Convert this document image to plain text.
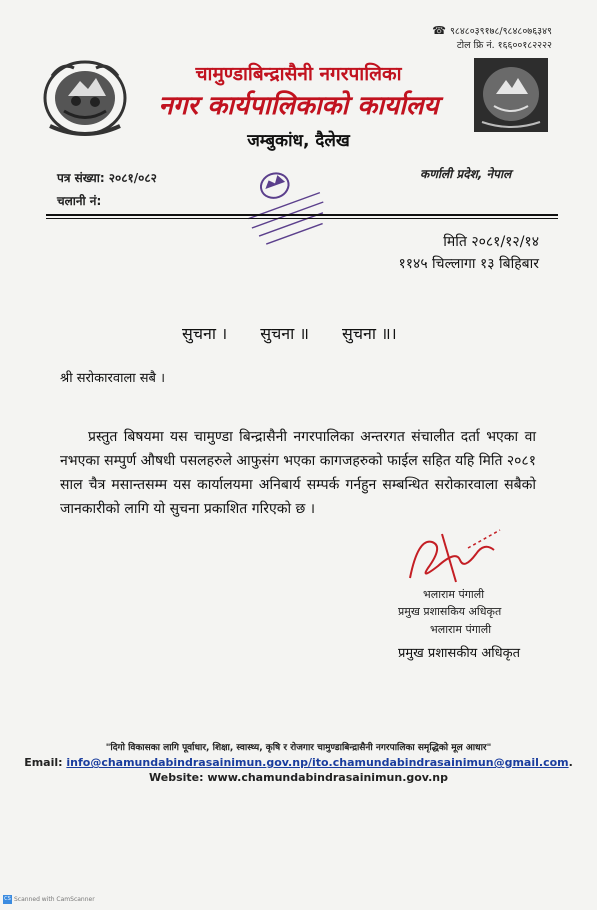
☎ ९८४८०३९१७८/९८४८०७६३४९
टोल फ्रि नं. १६६००१८२२२२
चामुण्डाबिन्द्रासैनी नगरपालिका
नगर कार्यपालिकाको कार्यालय
जम्बुकांध, दैलेख
पत्र संख्या: २०८१/०८२
चलानी नं:
कर्णाली प्रदेश, नेपाल
मिति २०८१/१२/१४
११४५ चिल्लागा १३ बिहिबार
सुचना । सुचना ॥ सुचना ॥।
श्री सरोकारवाला सबै ।
प्रस्तुत बिषयमा यस चामुण्डा बिन्द्रासैनी नगरपालिका अन्तरगत संचालीत दर्ता भएका वा नभएका सम्पुर्ण औषधी पसलहरुले आफुसंग भएका कागजहरुको फाईल सहित यहि मिति २०८१ साल चैत्र मसान्तसम्म यस कार्यालयमा अनिबार्य सम्पर्क गर्नहुन सम्बन्धित सरोकारवाला सबैको जानकारीको लागि यो सुचना प्रकाशित गरिएको छ ।
भलाराम पंगाली
प्रमुख प्रशासकिय अधिकृत
भलाराम पंगाली
प्रमुख प्रशासकीय अधिकृत
"दिगो विकासका लागि पूर्वाधार, शिक्षा, स्वास्थ्य, कृषि र रोजगार चामुण्डाबिन्द्रासैनी नगरपालिका समृद्धिको मूल आधार"
Email: info@chamundabindrasainimun.gov.np/ito.chamundabindrasainimun@gmail.com.
Website: www.chamundabindrasainimun.gov.np
CS Scanned with CamScanner
